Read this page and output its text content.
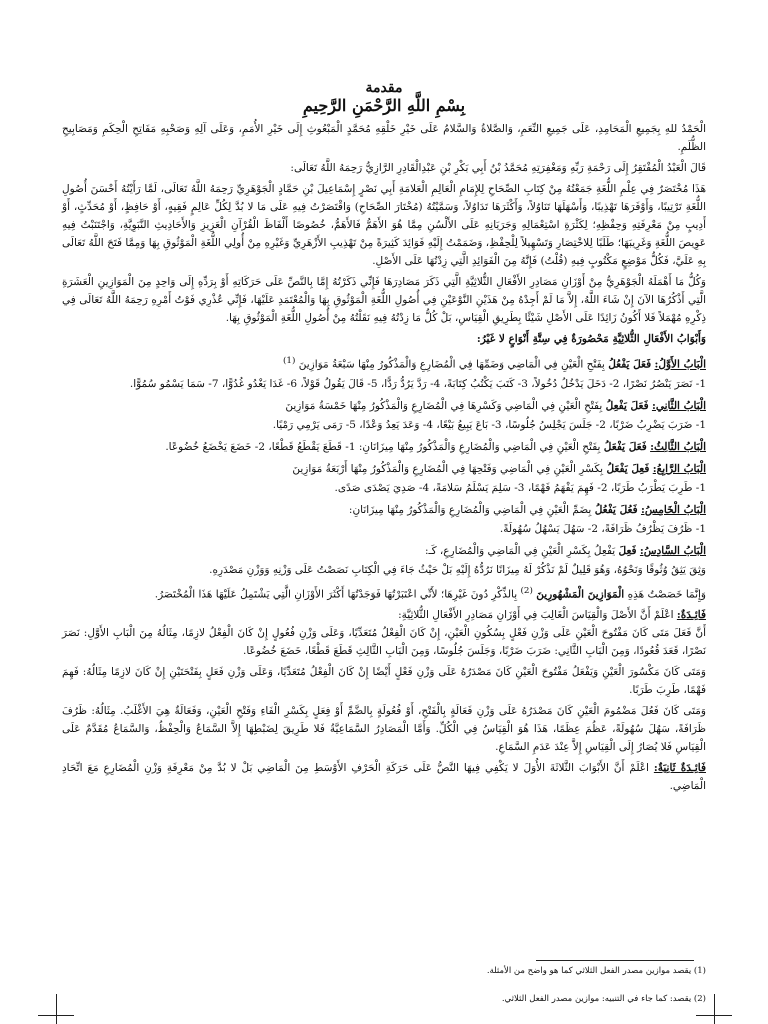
مقدمة
بِسْمِ اللَّهِ الرَّحْمَنِ الرَّحِيمِ

الْحَمْدُ للهِ بِجَمِيعِ الْمَحَامِدِ، عَلَى جَمِيعِ النِّعَمِ، وَالصَّلاةُ وَالسَّلامُ عَلَى خَيْرِ خَلْقِهِ مُحَمَّدٍ الْمَبْعُوثِ إِلَى خَيْرِ الأُمَمِ، وَعَلَى آلِهِ وَصَحْبِهِ مَفَاتِحِ الْحِكَمِ وَمَصَابِيحِ الظُّلَمِ.

قَالَ الْعَبْدُ الْمُفْتَقِرُ إِلَى رَحْمَةِ رَبِّهِ وَمَغْفِرَتِهِ مُحَمَّدُ بْنُ أَبِي بَكْرِ بْنِ عَبْدِالْقَادِرِ الرَّازِيُّ رَحِمَهُ اللَّهُ تَعَالَى:

هَذَا مُخْتَصَرٌ فِي عِلْمِ اللُّغَةِ جَمَعْتُهُ مِنْ كِتَابِ الصِّحَاحِ لِلإِمَامِ الْعَالِمِ الْعَلامَةِ أَبِي نَصْرٍ إِسْمَاعِيلَ بْنِ حَمَّادٍ الْجَوْهَرِيِّ رَحِمَهُ اللَّهُ تَعَالَى، لَمَّا رَأَيْتُهُ أَحْسَنَ أُصُولِ اللُّغَةِ تَرْتِيبًا، وَأَوْفَرَهَا تَهْذِيبًا، وَأَسْهَلَهَا تَنَاوُلاً، وَأَكْثَرَهَا تَدَاوُلاً، وَسَمَّيْتُهُ (مُخْتَارَ الصِّحَاحِ) وَاقْتَصَرْتُ فِيهِ عَلَى مَا لا بُدَّ لِكُلِّ عَالِمٍ فَقِيهٍ، أَوْ حَافِظٍ، أَوْ مُحَدِّثٍ، أَوْ أَدِيبٍ مِنْ مَعْرِفَتِهِ وَحِفْظِهِ؛ لِكَثْرَةِ اسْتِعْمَالِهِ وَجَرَيَانِهِ عَلَى الأَلْسُنِ مِمَّا هُوَ الأَهَمُّ فَالأَهَمُّ، خُصُوصًا أَلْفَاظَ الْقُرْآنِ الْعَزِيزِ وَالأَحَادِيثِ النَّبَوِيَّةِ، وَاجْتَنَبْتُ فِيهِ عَوِيصَ اللُّغَةِ وَغَرِيبَهَا؛ طَلَبًا لِلاخْتِصَارِ وَتَسْهِيلاً لِلْحِفْظِ، وَضَمَمْتُ إِلَيْهِ فَوَائِدَ كَثِيرَةً مِنْ تَهْذِيبِ الأَزْهَرِيِّ وَغَيْرِهِ مِنْ أُولِي اللُّغَةِ الْمَوْثُوقِ بِهَا وَمِمَّا فَتَحَ اللَّهُ تَعَالَى بِهِ عَلَيَّ، فَكُلُّ مَوْضِعٍ مَكْتُوبٍ فِيهِ (قُلْتُ) فَإِنَّهُ مِنَ الْفَوَائِدِ الَّتِي زِدْتُهَا عَلَى الأَصْلِ.

وَكُلُّ مَا أَهْمَلَهُ الْجَوْهَرِيُّ مِنْ أَوْزَانِ مَصَادِرِ الأَفْعَالِ الثُّلاثِيَّةِ الَّتِي ذَكَرَ مَصَادِرَهَا فَإِنِّي ذَكَرْتُهُ إِمَّا بِالنَّصِّ عَلَى حَرَكَاتِهِ أَوْ بِرَدِّهِ إِلَى وَاحِدٍ مِنَ الْمَوَازِينِ الْعَشَرَةِ الَّتِي أَذْكُرُهَا الآنَ إِنْ شَاءَ اللَّهُ، إِلاَّ مَا لَمْ أَجِدْهُ مِنْ هَذَيْنِ النَّوْعَيْنِ فِي أُصُولِ اللُّغَةِ الْمَوْثُوقِ بِهَا وَالْمُعْتَمَدِ عَلَيْهَا، فَإِنِّي عُذْرِي فَوْتُ أَمْرِهِ رَحِمَهُ اللَّهُ تَعَالَى فِي ذِكْرِهِ مُهْمَلاً فَلا أَكُونُ زَائِدًا عَلَى الأَصْلِ شَيْئًا بِطَرِيقِ الْقِيَاسِ، بَلْ كُلُّ مَا زِدْتُهُ فِيهِ نَقَلْتُهُ مِنْ أُصُولِ اللُّغَةِ الْمَوْثُوقِ بِهَا.

وَأَبْوَابُ الأَفْعَالِ الثُّلاثِيَّةِ مَحْصُورَةٌ فِي سِتَّةِ أَنْوَاعٍ لا غَيْرُ:
الْبَابُ الأَوَّلُ: فَعَلَ يَفْعُلُ بِفَتْحِ الْعَيْنِ فِي الْمَاضِي وَضَمِّهَا فِي الْمُضَارِعِ وَالْمَذْكُورُ مِنْهَا سَبْعَةُ مَوَازِينَ $^{(1)}$
1- نَصَرَ يَنْصُرُ نَصْرًا، 2- دَخَلَ يَدْخُلُ دُخُولاً، 3- كَتَبَ يَكْتُبُ كِتَابَةً، 4- رَدَّ يَرُدُّ رَدًّا، 5- قَالَ يَقُولُ قَوْلاً، 6- غَدَا يَغْدُو غُدُوًّا، 7- سَمَا يَسْمُو سُمُوًّا.
الْبَابُ الثَّانِي: فَعَلَ يَفْعِلُ بِفَتْحِ الْعَيْنِ فِي الْمَاضِي وَكَسْرِهَا فِي الْمُضَارِعِ وَالْمَذْكُورُ مِنْهَا خَمْسَةُ مَوَازِينَ
1- ضَرَبَ يَضْرِبُ ضَرْبًا، 2- جَلَسَ يَجْلِسُ جُلُوسًا، 3- بَاعَ يَبِيعُ بَيْعًا، 4- وَعَدَ يَعِدُ وَعْدًا، 5- رَمَى يَرْمِي رَمْيًا.
الْبَابُ الثَّالِثُ: فَعَلَ يَفْعَلُ بِفَتْحِ الْعَيْنِ فِي الْمَاضِي وَالْمُضَارِعِ وَالْمَذْكُورُ مِنْهَا مِيزَانَانِ: 1- قَطَعَ يَقْطَعُ قَطْعًا، 2- خَضَعَ يَخْضَعُ خُضُوعًا.
الْبَابُ الرَّابِعُ: فَعِلَ يَفْعَلُ بِكَسْرِ الْعَيْنِ فِي الْمَاضِي وَفَتْحِهَا فِي الْمُضَارِعِ وَالْمَذْكُورُ مِنْهَا أَرْبَعَةُ مَوَازِينَ
1- طَرِبَ يَطْرَبُ طَرَبًا، 2- فَهِمَ يَفْهَمُ فَهْمًا، 3- سَلِمَ يَسْلَمُ سَلامَةً، 4- صَدِيَ يَصْدَى صَدًى.
الْبَابُ الْخَامِسُ: فَعُلَ يَفْعُلُ بِضَمِّ الْعَيْنِ فِي الْمَاضِي وَالْمُضَارِعِ وَالْمَذْكُورُ مِنْهَا مِيزَانَانِ:
1- ظَرُفَ يَظْرُفُ ظَرَافَةً، 2- سَهُلَ يَسْهُلُ سُهُولَةً.
الْبَابُ السَّادِسُ: فَعِلَ يَفْعِلُ بِكَسْرِ الْعَيْنِ فِي الْمَاضِي وَالْمُضَارِعِ، كَـ:
وَثِقَ يَثِقُ وُثُوقًا وَنَحْوُهُ، وَهُوَ قَلِيلٌ لَمْ نَذْكُرْ لَهُ مِيزَانًا نَرُدُّهُ إِلَيْهِ بَلْ حَيْثُ جَاءَ فِي الْكِتَابِ نَصَصْتُ عَلَى وَزْنِهِ وَوَزْنِ مَصْدَرِهِ.

وَإِنَّمَا خَصَصْتُ هَذِهِ الْمَوَازِينَ الْمَشْهُورِينَ $^{(2)}$ بِالذِّكْرِ دُونَ غَيْرِهَا؛ لأَنِّي اعْتَبَرْتُهَا فَوَجَدْتُهَا أَكْثَرَ الأَوْزَانِ الَّتِي يَشْتَمِلُ عَلَيْهَا هَذَا الْمُخْتَصَرُ.

فَائِـدَةٌ: اعْلَمْ أَنَّ الأَصْلَ وَالْقِيَاسَ الْغَالِبَ فِي أَوْزَانِ مَصَادِرِ الأَفْعَالِ الثُّلاثِيَّةِ:

أَنَّ فَعَلَ مَتَى كَانَ مَفْتُوحَ الْعَيْنِ عَلَى وَزْنِ فَعْلٍ بِسُكُونِ الْعَيْنِ، إِنْ كَانَ الْفِعْلُ مُتَعَدِّيًا، وَعَلَى وَزْنِ فُعُولٍ إِنْ كَانَ الْفِعْلُ لازِمًا، مِثَالُهُ مِنَ الْبَابِ الأَوَّلِ: نَصَرَ نَصْرًا، قَعَدَ قُعُودًا، وَمِنَ الْبَابِ الثَّانِي: ضَرَبَ ضَرْبًا، وَجَلَسَ جُلُوسًا، وَمِنَ الْبَابِ الثَّالِثِ قَطَعَ قَطْعًا، خَضَعَ خُضُوعًا.

وَمَتَى كَانَ مَكْسُورَ الْعَيْنِ وَيَفْعَلُ مَفْتُوحَ الْعَيْنِ كَانَ مَصْدَرُهُ عَلَى وَزْنِ فَعْلٍ أَيْضًا إِنْ كَانَ الْفِعْلُ مُتَعَدِّيًا، وَعَلَى وَزْنِ فَعَلٍ بِفَتْحَتَيْنِ إِنْ كَانَ لازِمًا مِثَالُهُ: فَهِمَ فَهْمًا، طَرِبَ طَرَبًا.

وَمَتَى كَانَ فَعُلَ مَضْمُومَ الْعَيْنِ كَانَ مَصْدَرُهُ عَلَى وَزْنِ فَعَالَةٍ بِالْفَتْحِ، أَوْ فُعُولَةٍ بِالضَّمِّ أَوْ فِعَلٍ بِكَسْرِ الْفَاءِ وَفَتْحِ الْعَيْنِ، وَفَعَالَةٌ هِيَ الأَغْلَبُ. مِثَالُهُ: ظَرُفَ ظَرَافَةً، سَهُلَ سُهُولَةً، عَظُمَ عِظَمًا، هَذَا هُوَ الْقِيَاسُ فِي الْكُلِّ. وَأَمَّا الْمَصَادِرُ السَّمَاعِيَّةُ فَلا طَرِيقَ لِضَبْطِهَا إِلاَّ السَّمَاعُ وَالْحِفْظُ، وَالسَّمَاعُ مُقَدَّمٌ عَلَى الْقِيَاسِ فَلا يُصَارُ إِلَى الْقِيَاسِ إِلاَّ عِنْدَ عَدَمِ السَّمَاعِ.

فَائِـدَةٌ ثَانِيَةٌ: اعْلَمْ أَنَّ الأَبْوَابَ الثَّلاثَةَ الأُوَلَ لا يَكْفِي فِيهَا النَّصُّ عَلَى حَرَكَةِ الْحَرْفِ الأَوْسَطِ مِنَ الْمَاضِي بَلْ لا بُدَّ مِنْ مَعْرِفَةِ وَزْنِ الْمُضَارِعِ مَعَ اتِّحَادِ الْمَاضِي.

(1) يقصد موازين مصدر الفعل الثلاثي كما هو واضح من الأمثلة.
(2) يقصد: كما جاء في التنبيه: موازين مصدر الفعل الثلاثي.
